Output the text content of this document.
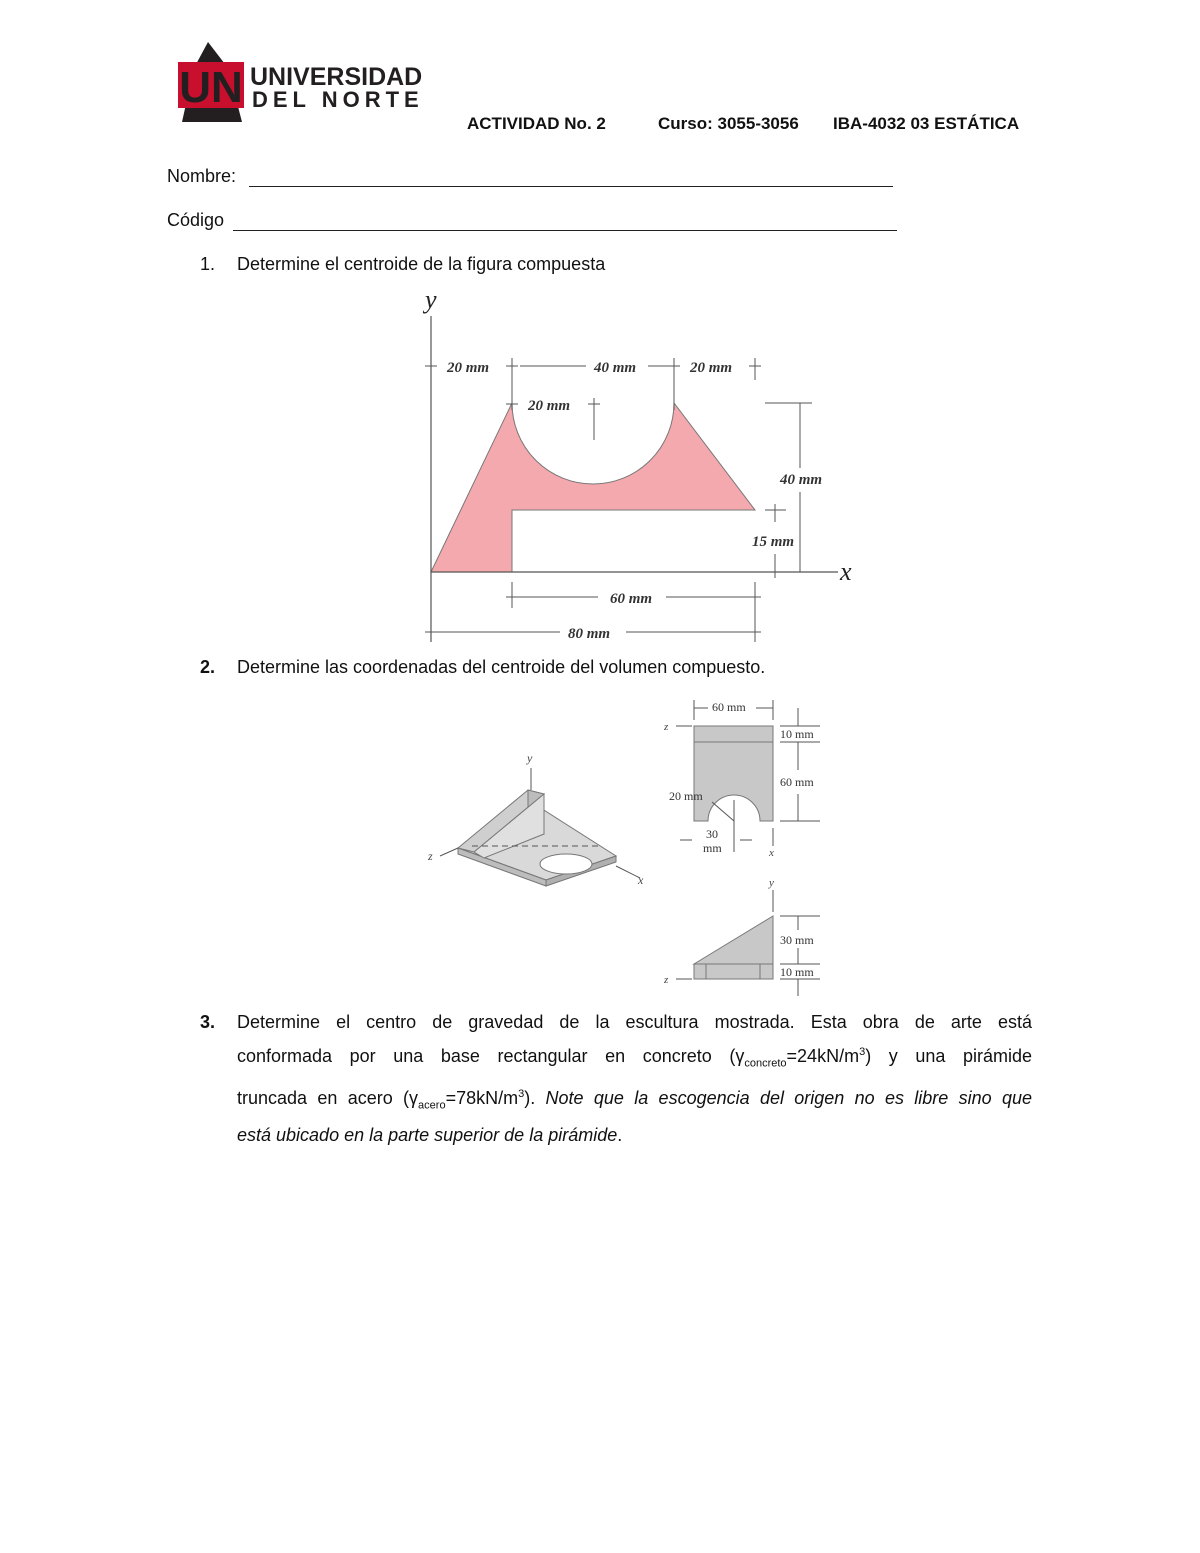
UN UNIVERSIDAD
DEL NORTE
ACTIVIDAD No. 2	Curso: 3055-3056 IBA-4032 03 ESTÁTICA
Nombre:
Código
1. Determine el centroide de la figura compuesta
y
x
20 mm	40 mm	20 mm
20 mm
40 mm
15 mm
60 mm
80 mm
2. Determine las coordenadas del centroide del volumen compuesto.
y
z
x
60 mm
z	10 mm
60 mm
20 mm
30
mm	x
y
z
30 mm
10 mm
3. Determine el centro de gravedad de la escultura mostrada. Esta obra de arte está
conformada por una base rectangular en concreto $(\gamma_{concreto}=24kN/m^3)$ y una pirámide
truncada en acero $(\gamma_{acero}=78kN/m^3)$. Note que la escogencia del origen no es libre sino que
está ubicado en la parte superior de la pirámide.
